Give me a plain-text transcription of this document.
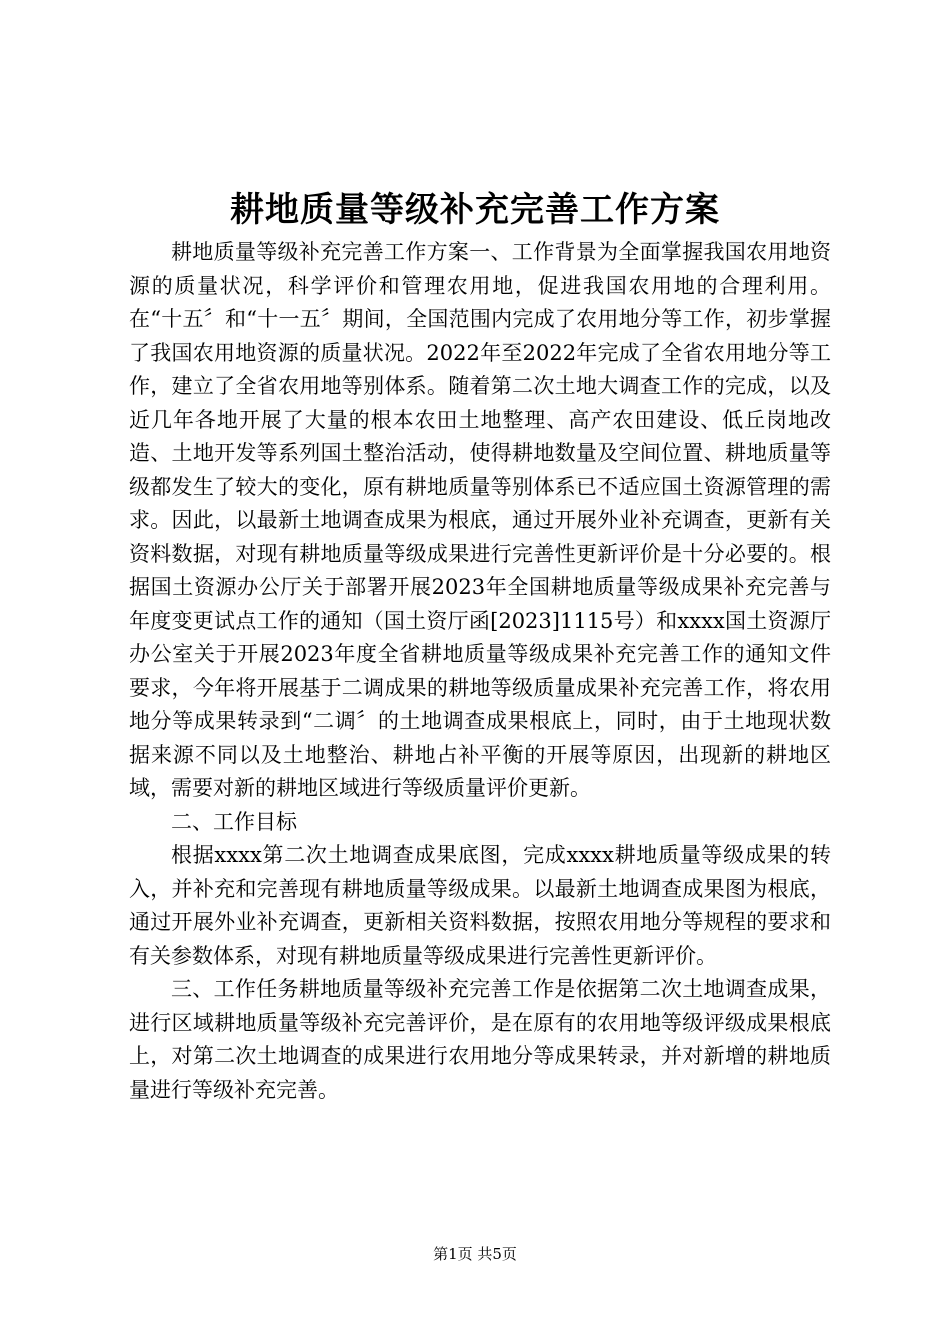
耕地质量等级补充完善工作方案

耕地质量等级补充完善工作方案一、工作背景为全面掌握我国农用地资源的质量状况，科学评价和管理农用地，促进我国农用地的合理利用。在“十五〞和“十一五〞期间，全国范围内完成了农用地分等工作，初步掌握了我国农用地资源的质量状况。2022年至2022年完成了全省农用地分等工作，建立了全省农用地等别体系。随着第二次土地大调查工作的完成，以及近几年各地开展了大量的根本农田土地整理、高产农田建设、低丘岗地改造、土地开发等系列国土整治活动，使得耕地数量及空间位置、耕地质量等级都发生了较大的变化，原有耕地质量等别体系已不适应国土资源管理的需求。因此，以最新土地调查成果为根底，通过开展外业补充调查，更新有关资料数据，对现有耕地质量等级成果进行完善性更新评价是十分必要的。根据国土资源办公厅关于部署开展2023年全国耕地质量等级成果补充完善与年度变更试点工作的通知（国土资厅函[2023]1115号）和xxxx国土资源厅办公室关于开展2023年度全省耕地质量等级成果补充完善工作的通知文件要求，今年将开展基于二调成果的耕地等级质量成果补充完善工作，将农用地分等成果转录到“二调〞的土地调查成果根底上，同时，由于土地现状数据来源不同以及土地整治、耕地占补平衡的开展等原因，出现新的耕地区域，需要对新的耕地区域进行等级质量评价更新。

二、工作目标

根据xxxx第二次土地调查成果底图，完成xxxx耕地质量等级成果的转入，并补充和完善现有耕地质量等级成果。以最新土地调查成果图为根底，通过开展外业补充调查，更新相关资料数据，按照农用地分等规程的要求和有关参数体系，对现有耕地质量等级成果进行完善性更新评价。

三、工作任务耕地质量等级补充完善工作是依据第二次土地调查成果，进行区域耕地质量等级补充完善评价，是在原有的农用地等级评级成果根底上，对第二次土地调查的成果进行农用地分等成果转录，并对新增的耕地质量进行等级补充完善。

第1页 共5页
